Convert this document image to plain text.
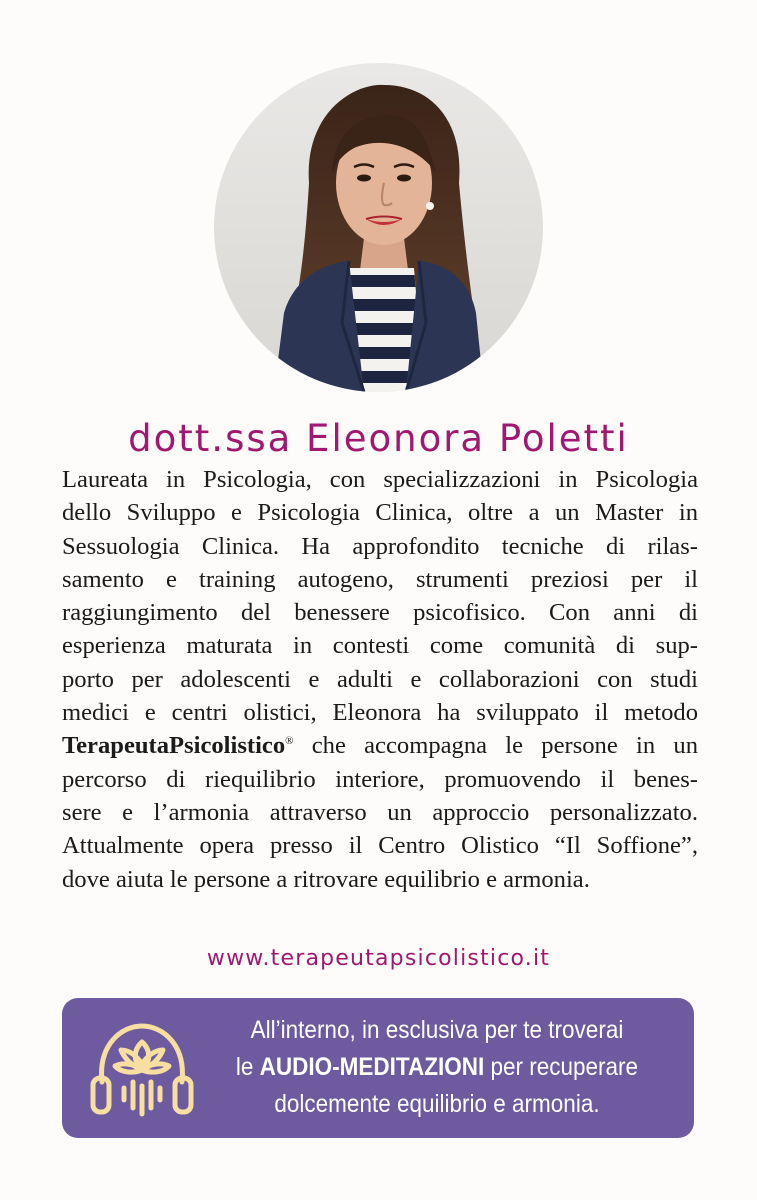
dott.ssa Eleonora Poletti
Laureata in Psicologia, con specializzazioni in Psicologia
dello Sviluppo e Psicologia Clinica, oltre a un Master in
Sessuologia Clinica. Ha approfondito tecniche di rilas-
samento e training autogeno, strumenti preziosi per il
raggiungimento del benessere psicofisico. Con anni di
esperienza maturata in contesti come comunità di sup-
porto per adolescenti e adulti e collaborazioni con studi
medici e centri olistici, Eleonora ha sviluppato il metodo
TerapeutaPsicolistico® che accompagna le persone in un
percorso di riequilibrio interiore, promuovendo il benes-
sere e l’armonia attraverso un approccio personalizzato.
Attualmente opera presso il Centro Olistico “Il Soffione”,
dove aiuta le persone a ritrovare equilibrio e armonia.
www.terapeutapsicolistico.it
All’interno, in esclusiva per te troverai
le AUDIO-MEDITAZIONI per recuperare
dolcemente equilibrio e armonia.
